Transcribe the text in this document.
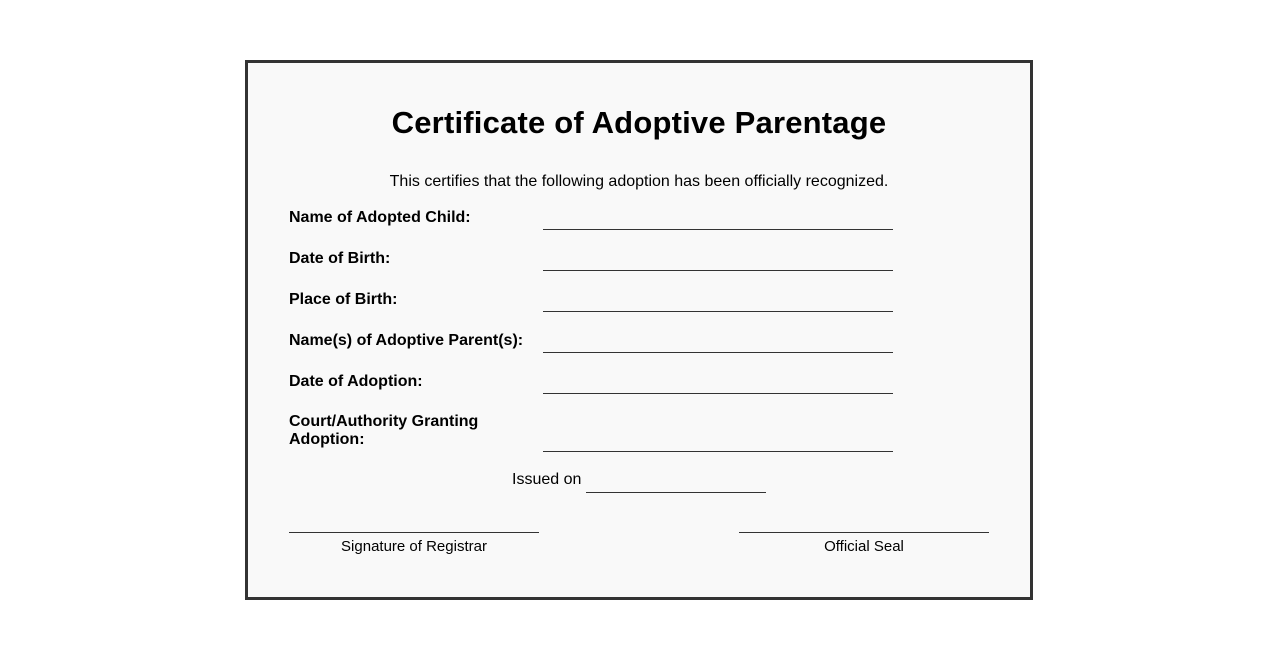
Certificate of Adoptive Parentage
This certifies that the following adoption has been officially recognized.
Name of Adopted Child:
Date of Birth:
Place of Birth:
Name(s) of Adoptive Parent(s):
Date of Adoption:
Court/Authority Granting Adoption:
Issued on
Signature of Registrar	Official Seal
